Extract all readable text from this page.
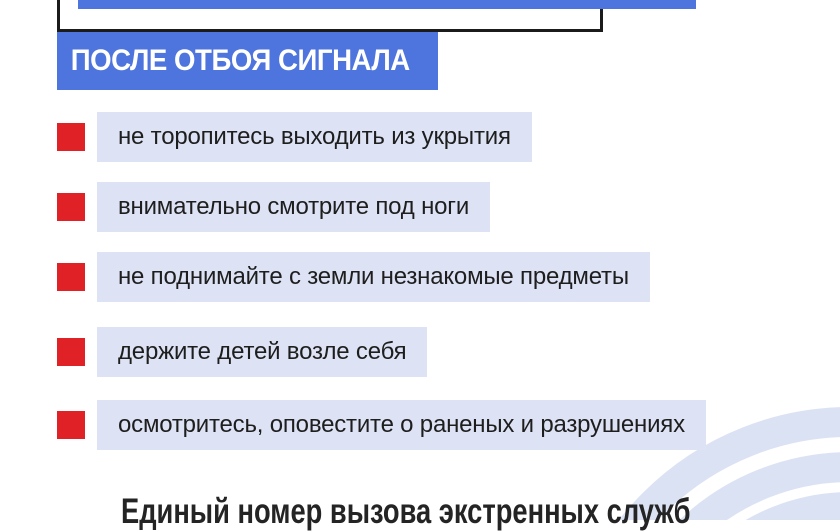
ПОСЛЕ ОТБОЯ СИГНАЛА
не торопитесь выходить из укрытия
внимательно смотрите под ноги
не поднимайте с земли незнакомые предметы
держите детей возле себя
осмотритесь, оповестите о раненых и разрушениях
Единый номер вызова экстренных служб
